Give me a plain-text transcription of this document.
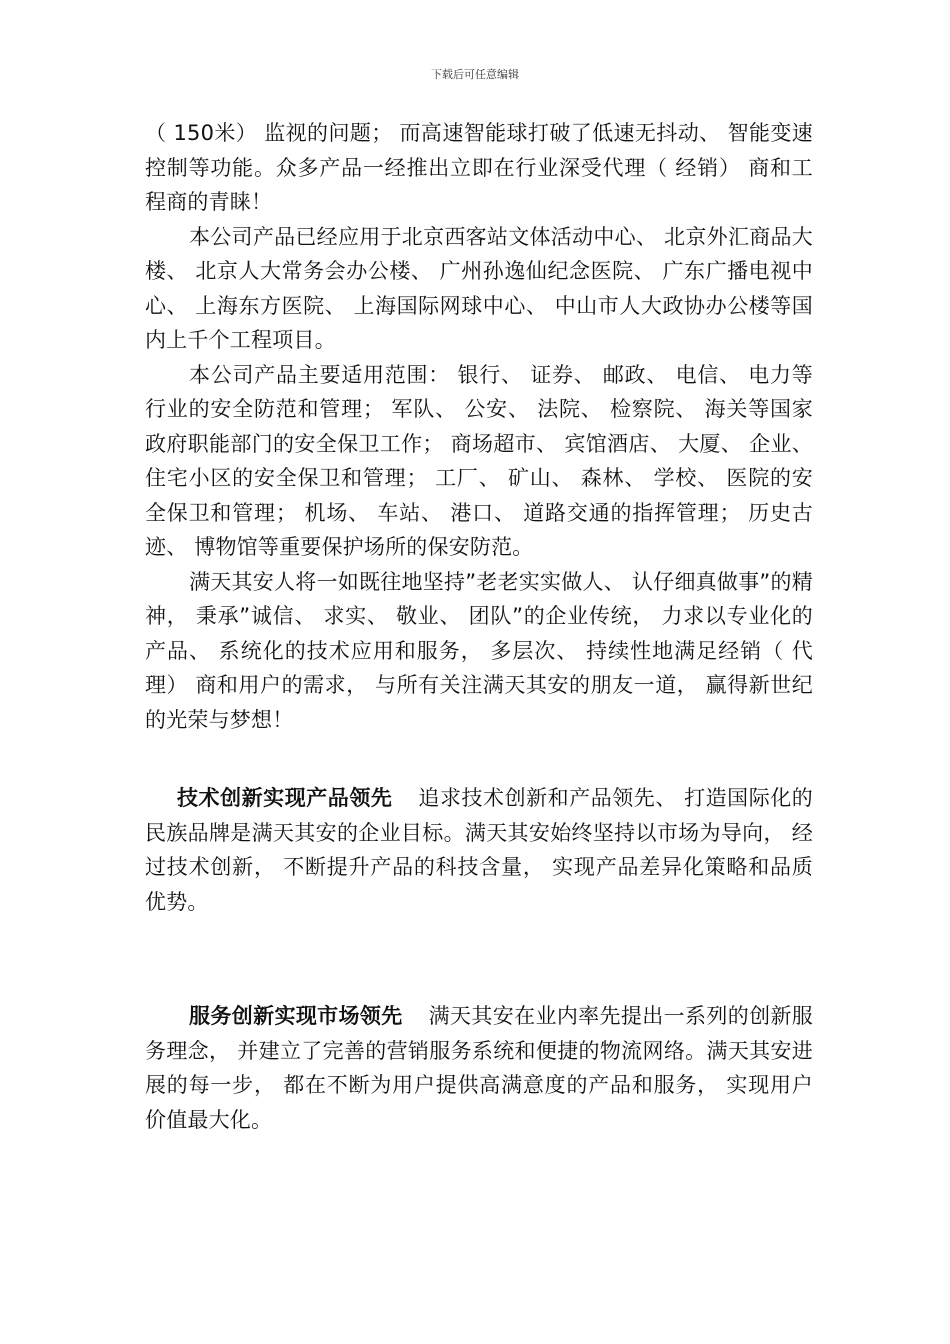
下载后可任意编辑

（ 150米） 监视的问题； 而高速智能球打破了低速无抖动、 智能变速控制等功能。众多产品一经推出立即在行业深受代理（ 经销） 商和工程商的青睐！

本公司产品已经应用于北京西客站文体活动中心、 北京外汇商品大楼、 北京人大常务会办公楼、 广州孙逸仙纪念医院、 广东广播电视中心、 上海东方医院、 上海国际网球中心、 中山市人大政协办公楼等国内上千个工程项目。

本公司产品主要适用范围： 银行、 证券、 邮政、 电信、 电力等行业的安全防范和管理； 军队、 公安、 法院、 检察院、 海关等国家政府职能部门的安全保卫工作； 商场超市、 宾馆酒店、 大厦、 企业、 住宅小区的安全保卫和管理； 工厂、 矿山、 森林、 学校、 医院的安全保卫和管理； 机场、 车站、 港口、 道路交通的指挥管理； 历史古迹、 博物馆等重要保护场所的保安防范。

满天其安人将一如既往地坚持”老老实实做人、 认仔细真做事”的精神， 秉承”诚信、 求实、 敬业、 团队”的企业传统， 力求以专业化的产品、 系统化的技术应用和服务， 多层次、 持续性地满足经销（ 代理） 商和用户的需求， 与所有关注满天其安的朋友一道， 赢得新世纪的光荣与梦想！

技术创新实现产品领先 追求技术创新和产品领先、 打造国际化的民族品牌是满天其安的企业目标。满天其安始终坚持以市场为导向， 经过技术创新， 不断提升产品的科技含量， 实现产品差异化策略和品质优势。

服务创新实现市场领先 满天其安在业内率先提出一系列的创新服务理念， 并建立了完善的营销服务系统和便捷的物流网络。满天其安进展的每一步， 都在不断为用户提供高满意度的产品和服务， 实现用户价值最大化。
